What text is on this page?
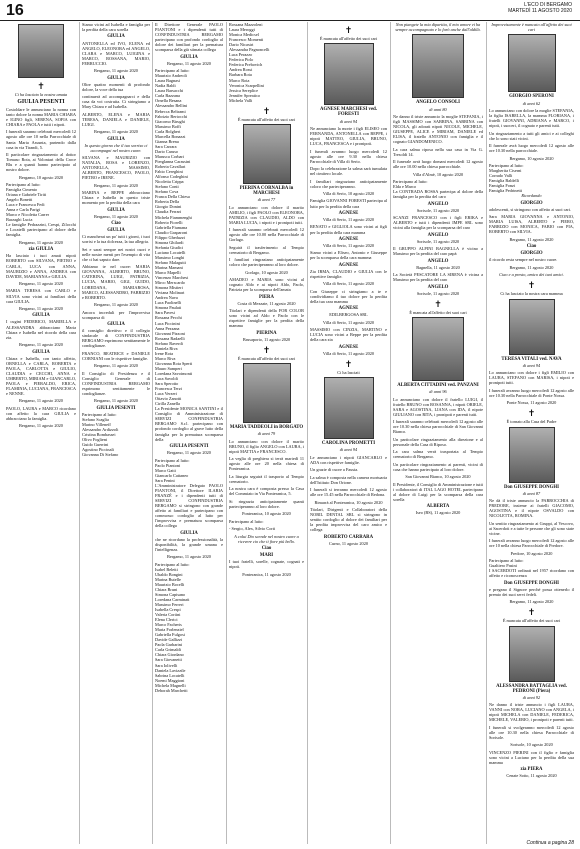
16	L'ECO DI BERGAMO
MARTEDÌ 11 AGOSTO 2020
✝

Ci ha lasciato la nostra amata

GIULIA PESENTI

Costoldare le annunciano la nonna con tanto dolore la nonna MARIA CHIARA e IGINO figli, SERENA, SOFIA con CHIARA e PAOLA e tutti i nipoti.

I funerali saranno celebrati mercoledì 12 agosto alle ore 10 nella Parrocchiale di Santa Maria Assunta, partendo dalla casa in via Tirandi, 5.

Il particolare ringraziamento al dottor Tomaso Rota, ai Volontari della Croce Blu e a quanti hanno partecipato al nostro dolore.

Bergamo, 10 agosto 2020

Partecipano al lutto:

Famiglia Cimento

Oriana e Gabriele Tiriti

Angelo Bonetti

Luca e Francesca Fedi

Anna e Carla Parigi

Marco e Nicoletta Carrer

Barzaghi Lucia

Le famiglie Pedrazzini, Crespi, Zilocchi e Locatelli partecipano al dolore della famiglia.

Bergamo, 11 agosto 2020

zia GIULIA

Ha lasciato i tuoi amati nipoti ROBERTO con SILVANA, PIETRO e CARLA, LUCA con ANNA, MAURIZIO e ANNA, ANDREA con DAVIDE, MARIANNA e GIULIA.

Bergamo, 11 agosto 2020

MARIA TERESA con CARLO e SILVIA sono vicini ai familiari della cara GIULIA.

Bergamo, 11 agosto 2020

GIULIA

I cugini FEDERICO, MARIELLA e ALESSANDRA abbracciano Maria Chiara e Isabella nel ricordo della cara zia.

Bergamo, 11 agosto 2020

GIULIA

Chiara e Isabella, con tanto affetto, ORNELLA e CARLA, ROBERTA e PAOLA, CARLOTTA e GIULIO, CLAUDIA e CECCHI, ANNA e UMBERTO, MIRIAM e GIANCARLO, PAOLA e PIERALDO, ERICA, FLAMINIA, LUCIANA, FRANCESCA e NENNE.

Bergamo, 11 agosto 2020

PAOLO, LAURA e MARCO ricordano con affetto la cara GIULIA e abbracciano la famiglia.

Bergamo, 11 agosto 2020

Siamo vicini ad Isabella e famiglia per la perdita della cara sorella

GIULIA

ANTONELLA ed IVO, ELENA ed ANGELO, ELEONORA ed ANGELO, CLARA e MARCO, LUIGINA e MARCO, ROSSANA, MARIO, FERRUCCIO.

Bergamo, 11 agosto 2020

GIULIA

Oltre quattro momenti di profondo dolore, la voce della tua

continuerà ad accompagnarci e della casa da voi costruita. Ci stringiamo a Mary Chiara e ad Isabella.

ALBERTO, ELENA e MARIA TERESA, DANIELA e DANIELE, LUIGI.

Bergamo, 11 agosto 2020

GIULIA

In questo giorno che il tuo sorriso ci accompagni nel nostro cuore.

SILVANA e MAURIZIO con NATALIA, ROSA e LORENZO, ANTONELLA, MASSIMO, ALBERTO, FRANCESCO, PAOLO, PIETRO e IRENE.

Bergamo, 11 agosto 2020

MARINA e BEPPE abbracciano Chiara e Isabella in questo triste momento per la perdita della cara

GIULIA

Bergamo, 11 agosto 2020

Ciao
GIULIA

Ci mancherai un po' tutti i giorni, i tuoi sorrisi e la tua dolcezza, la tua allegria.

Sei e sarai sempre nei nostri cuori e nelle nostre menti per l'esempio di vita che ci hai saputo dare.

Abbiamo te nel cuore: MARIA GIOVANNA, ALBERTO, BRUNO, CATERINA, LUIGI, PATRIZIA, LUCIA, MARIO, GIGI, GUIDO, LOREDANA, MARIAROSA, MARCO, ALESSANDRO, FABRIZIO e ROBERTO.

Bergamo, 11 agosto 2020

Ancora increduli per l'improvvisa scomparsa di

GIULIA

il consiglio direttivo e il collegio sindacale di CONFINDUSTRIA BERGAMO esprimono sentitamente le condoglianze.

FRANCO, BEATRICE e DANIELE CORNIANI con le rispettive famiglie.

Bergamo, 11 agosto 2020

Il Consiglio di Presidenza e il Consiglio Generale di CONFINDUSTRIA BERGAMO esprimono sentitamente le condoglianze.

Bergamo, 11 agosto 2020

GIULIA PESENTI

Partecipano al lutto:

Stefano Scaglia

Marino Villeneff

Alessandro Ardizzoli

Cristina Bombassei

Olivo Foglieni

Guido Guerrini

Agostino Piccinali

Giovanna Di Stefano

Il Direttore Generale PAOLO PIANTONI e i dipendenti tutti di CONFINDUSTRIA BERGAMO partecipano con profondo cordoglio al dolore dei familiari per la prematura scomparsa della già stimata collega

GIULIA

Bergamo, 11 agosto 2020

Partecipano al lutto:

Maurizio Andreoli

Laura Bagnasi

Nadia Baldi

Laura Barsacchi

Carla Bazzana

Ornella Besana

Alessandro Bellini

Rebecca Beltrami

Fabrizio Bertocchi

Giacomo Birughi

Massimo Boffi

Carla Bolgheri

Marcella Bonazzi

Gianna Brena

Sara Carrara

Dario Caruso

Marusca Corbari

Pierglanna Carassini

Roberta Cavallari

Fabio Cereghini

Alfonso Codeghini

Nicoletta Crippa

Stefano Conti

Stefano Cova

Franca Della Chiesa

Roberta Della

Giorgio Donini

Claudia Ferrari

Michela Fiammenghi

Roberto Fiorelli

Gabriella Fiumana

Claudio Gasparoni

Filippo Gheduzzi

Simona Ghilardi

Stefania Giudici

Luciano Locatelli

Massimo Longhi

Stefano Malagutti

Marina Mamani

Marco Mapelli

Vincenzo Marchesi

Mirco Merscardo

Simona Mistieri

Viviana Molinari

Andrea Nava

Luca Paolinelli

Simona Paulati

Sara Pavesi

Rossana Pecchi

Luca Piccinini

Anna Pezzana

Giovanni Pizzoni

Rossana Radaelli

Stefano Raverdi

Daniela Riva

Irene Rota

Marco Riva

Giovanna Rota Sperti

Mauro Samperi

Loredana Savoimonti

Luca Savoldi

Sara Sperotto

Francesca Terzi

Luca Verzeri

Ottavio Zanotti

Cirilla Zanella

La Presidente MONICA SANTINI e il Consiglio di Amministrazione di SERVIZI CONFINDUSTRIA BERGAMO S.r.l. partecipano con profondo cordoglio al grave lutto della famiglia per la prematura scomparsa della

GIULIA PESENTI

Bergamo, 11 agosto 2020

Partecipano al lutto:

Paolo Piantoni

Marco Gatti

Giancarlo Cattaneo

Sara Fenini

L'Amministratore Delegato PAOLO PIANTONI, il Direttore ILARIA FRANZÈ e i dipendenti tutti di SERVIZI CONFINDUSTRIA BERGAMO si stringono con grande affetto ai familiari e partecipano con commosso cordoglio al lutto per l'improvvisa e prematura scomparsa della collega

GIULIA

che ne ricordano la professionalità, la disponibilità, la grande umana e l'intelligenza.

Bergamo, 11 agosto 2020

Partecipano al lutto:

Isabel Beletti

Ubaldo Bongini

Marina Butelle

Maurizio Bocelli

Chiara Bruni

Simona Capisano

Loredana Carminati

Massimo Ferreri

Isabella Crespi

Valeria Cortini

Elena Clerici

Marco Facheris

Maria Forlenziel

Gabriella Fulgosi

Davide Gallizzi

Paola Garbarini

Carla Grimaldi

Chiara Giordano

Sara Giovanetti

Sara Iolivelli

Daniela Lavizzile

Sabrina Locatelli

Noemi Maggioni

Michela Magnelli

Deborah Marchetti

Rossana Mazzoleni

Laura Meroggi

Monica Medicsel

Francesco Momenti

Dario Nicastri

Alessandra Pagnoncelli

Luca Perazzo

Federica Pirlo

Federica Prebovich

Andrea Rossi

Barbara Rota

Marco Rota

Veronica Scarpellini

Jessica Sereplice

Jennifer Spreatico

Michela Valli

✝

È mancata all'affetto dei suoi cari

PIERINA CORNALBA in MARCHESI

di anni 77

Lo annunciano con dolore il marito AMILIO, i figli PAOLO con ELEONORA, PATRIZIA con CLAUDIO, ALDO con MARIA LUCIA, i nipoti e i pronipoti tutti.

I funerali saranno celebrati mercoledì 12 agosto alle ore 10.00 nella Parrocchiale di Gorlago.

Seguirà il trasferimento al Tempio crematorio di Bergamo.

I familiari ringraziano anticipatamente coloro che parteciperanno al loro dolore.

Gorlago, 10 agosto 2020

AMADEO e MARIA sono vicini al cognato Aldo e ai nipoti Aldo, Paolo, Patrizia per la scomparsa dell'amata

PIERA

Costa di Mezzate, 11 agosto 2020

Titolari e dipendenti della FOR COLOR sono vicini ad Aldo e Paolo con le rispettive famiglie per la perdita della mamma

PIERINA

Brusaporto, 11 agosto 2020

✝

È mancata all'affetto dei suoi cari

MARIA TADDEOLI in BORGATO

di anni 79

Lo annunciano con dolore il marito BRUNO, il figlio ANGELO con LAURA, i nipoti MATTIA e FRANCESCO.

La veglia di preghiera si terrà martedì 11 agosto alle ore 20 nella chiesa di Ponteranica.

La liturgia seguirà il trasporto al Tempio crematorio.

La nostra cara è composta presso la Casa del Commiato in Via Ponteranica, 5.

Si ringrazia anticipatamente quanti parteciperanno al loro dolore.

Ponteranica, 10 agosto 2020

Partecipano al lutto:

- Sergio, Alex, Silvio Corti

A colui Dio scende nel nostro cuore a ricevere cio che ti fiore più bello.

Ciao
MARI

I tuoi fratelli, sorelle, cognate, cognati e nipoti.

Ponteranica, 11 agosto 2020

✝

È mancata all'affetto dei suoi cari

AGNESE MARCHESI ved. FORESTI

di anni 94

Ne annunciano la morte i figli ELISEO con FERNANDA, ANTONELLA con BEPPE, i nipoti MATTEO, GIULIA, BRUNO, LUCA, FRANCESCA e i pronipoti.

I funerali avranno luogo mercoledì 12 agosto alle ore 9.30 nella chiesa Parrocchiale di Villa di Serio.

Dopo la celebrazione la salma sarà tumulata nel cimitero locale.

I familiari ringraziano anticipatamente coloro che parteciperanno.

Villa di Serio, 10 agosto 2020

Famiglia GIOVANNI FORESTI partecipa al lutto per la perdita della cara

AGNESE

Villa di Serio, 11 agosto 2020

RENATO e GIGLIOLA sono vicini ai figli per la perdita della cara mamma

AGNESE

Villa di Serio, 11 agosto 2020

Siamo vicini a Eliseo, Antonio e Giuseppe per la scomparsa della cara mamma

AGNESE

Zia IRMA, CLAUDIO e GIULIA con le rispettive famiglie.

Villa di Serio, 11 agosto 2020

Con Giuseppe ci stringiamo a te e condividiamo il tuo dolore per la perdita della tua cara mamma

AGNESE

EDILBERGOSA SRL

Villa di Serio, 11 agosto 2020

MASSIMO con CINZIA, MARTINO e LUCIA sono vicini a Beppe per la perdita della cara zia

AGNESE

Villa di Serio, 11 agosto 2020

✝

Ci ha lasciati

CAROLINA PROMETTI

di anni 94

Le annunciano i nipoti GIANCARLO e ADA con rispettive famiglie.

Un grazie di cuore a Fausta.

La salma è composta nella camera mortuaria dell'Istituto Don Orione.

I funerali si terranno mercoledì 12 agosto alle ore 15.45 nella Parrocchiale di Redona.

Rimarrà al Ponteranica, 10 agosto 2020

Titolari, Dirigenti e Collaboratori della NOBIL DENTAL SRL si stringono in sentito cordoglio al dolore dei familiari per la perdita improvvisa del caro amico e collega

ROBERTO CARRARA

Curno, 11 agosto 2020

Non piangete la mia dipartita, il mio amore vi ha sempre accompagnato e lo farò anche dall'aldilà.

ANGELO CONSOLI

di anni 80

Ne danno il triste annuncio la moglie STEFANIA, i figli MASSIMO con SABRINA, SABRINA con NICOLA, gli adorati nipoti NICOLE, MICHELE, GIUSEPPE, ALICE e MIRIAM, DANIELE ed ELISA, il fratello ANTONIO con famiglia e il cognato GIANDOMENICO.

La cara salma riposa nella sua casa in Via G. Tresoldi 14.

Il funerale avrà luogo domani mercoledì 12 agosto alle ore 10.00 nella chiesa parrocchiale.

Villa d'Almè, 10 agosto 2020

Partecipano al lutto:

Elda e Marco

La CONTRADA ROSSA partecipa al dolore della famiglia per la perdita del caro

ANGELO

Sorisole, 11 agosto 2020

SCANZI FRANCESCO con i figli ERIKA e ALBERTO e tutti i dipendenti IMPE SRL sono vicini alla famiglia per la scomparsa del caro

ANGELO

Sorisole, 11 agosto 2020

Il GRUPPO ALPINI BAGNELLA è vicino a Massimo per la perdita del caro papà

ANGELO

Bagnella, 11 agosto 2020

La Società PESCATORE LA SIRENA è vicina a Massimo per la perdita del caro

ANGELO

Sorisole, 11 agosto 2020

✝

È mancata all'affetto dei suoi cari

ALBERTA CITTADINI ved. PANZANI

di anni 96

Lo annunciano con dolore il fratello LUIGI, il fratello BRUNO con ROSANNA, i nipoti ORIELE, SARA e AGOSTINA, LIANA con IDA, il nipote GIULIANO con RITA, i pronipoti e parenti tutti.

I funerali saranno celebrati mercoledì 12 agosto alle ore 10.30 nella chiesa parrocchiale di San Giovanni Bianco.

Un particolare ringraziamento alla direzione e al personale della Casa di Riposo.

La cara salma verrà trasportata al Tempio crematorio di Bergamo.

Un particolare ringraziamento ai parenti, vicini di casa che hanno partecipato al loro dolore.

San Giovanni Bianco, 10 agosto 2020

Il Presidente, il Consiglio di Amministrazione e tutti i collaboratori di ITAL LAGO HOTEL partecipano al dolore di Luigi per la scomparsa della cara sorella

ALBERTA

Iseo (BS), 11 agosto 2020

Improvvisamente è mancato all'affetto dei suoi cari

GIORGIO SPERONI

di anni 62

Lo annunciano con dolore la moglie STEFANIA, la figlia ISABELLA, la mamma FLORIANA, i fratelli GIOVANNI, ADRIANA e MARCO, i nipoti, i suoceri, il cognato e parenti tutti.

Un ringraziamento a tutti gli amici e ai colleghi che lo sono stati vicini.

Il funerale avrà luogo mercoledì 12 agosto alle ore 10.30 nella parrocchiale.

Bergamo, 10 agosto 2020

Partecipano al lutto:

Margherita Ciserni

Corrado Valli

Famiglia Baldelli

Famiglia Fonzi

Famiglia Pedrinetti

Ricordando

GIORGIO

adolescenti, si stringono con affetto ai suoi cari.

Sara MARIA GIOVANNA e ANTONIO, MARIA LUISA, ALBERTO e PIERO, FABRIZIO con MONICA, FABIO con PIA, ROBERTO con SILVIA.

Bergamo, 11 agosto 2020

Ciao
GIORGIO

il ricordo resta sempre nel nostro cuore.

Bergamo, 11 agosto 2020

Ciao e a presto, amico dei tuoi amici.

✝

Ci ha lasciato la nostra cara mamma

TERESA VITALI ved. NAVA

di anni 94

Lo annunciano con dolore i figli EMILIO con LAURA, STEFANO con MARISA, i nipoti e pronipoti tutti.

I funerali avranno luogo mercoledì 12 agosto alle ore 10.30 nella Parrocchiale di Ponte Nossa.

Ponte Nossa, 11 agosto 2020

✝

È tornato alla Casa del Padre

Don GIUSEPPE DONGHI

di anni 87

Ne dà il triste annuncio la PARROCCHIA di PREDORE, insieme ai fratelli GIACOMO, AGOSTINA e il nipote OSVALDO con NICOLETTA, ROMINA.

Un sentito ringraziamento ai Gruppi, al Vescovo, ai Sacerdoti e a tutte le persone che gli sono state vicine.

I funerali avranno luogo mercoledì 12 agosto alle ore 10 nella chiesa Parrocchiale di Predore.

Predore, 10 agosto 2020

Partecipano al lutto:

Gualtiero Pasini

I SACERDOTI ordinati nel 1957 ricordano con affetto e riconoscenza

Don GIUSEPPE DONGHI

e pregano il Signore perché possa ottenerlo il premio dei suoi servi fedeli.

Bergamo, 11 agosto 2020

✝

È mancata all'affetto dei suoi cari

ALESSANDRA BATTAGLIA ved. PEDRONI (Piera)

di anni 92

Ne danno il triste annuncio i figli LAURA, VANNI con NORA, LUCIANO con ANGELA, i nipoti MICHELA con DANIELE, FEDERICA, MICHELE, VALERIO, i pronipoti e parenti tutti.

I funerali si svolgeranno mercoledì 12 agosto alle ore 10.30 nella chiesa Parrocchiale di Sorisole.

Sorisole, 10 agosto 2020

VINCENZO PIERINI con il figlio e famiglia sono vicini a Luciano per la perdita della sua mamma

zia PIERA

Cenate Sotto, 11 agosto 2020

Continua a pagina 28
